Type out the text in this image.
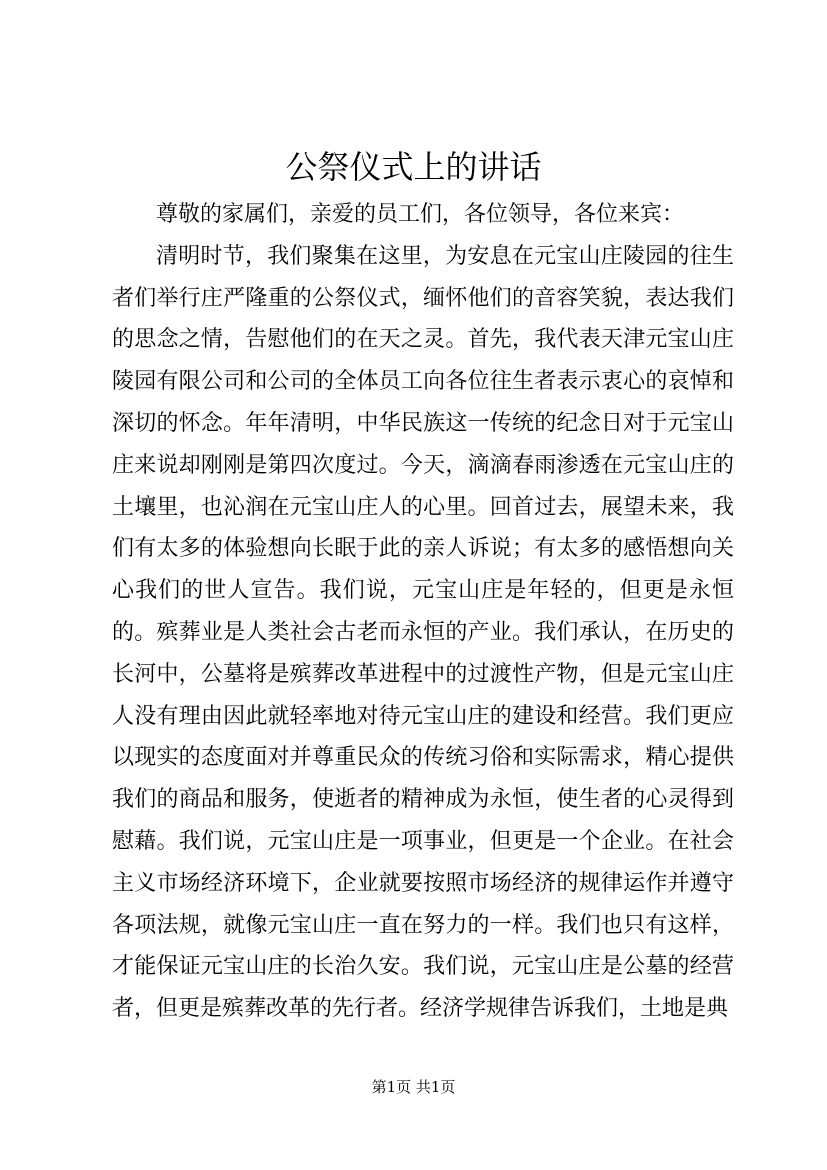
公祭仪式上的讲话

尊敬的家属们，亲爱的员工们，各位领导，各位来宾：

清明时节，我们聚集在这里，为安息在元宝山庄陵园的往生者们举行庄严隆重的公祭仪式，缅怀他们的音容笑貌，表达我们的思念之情，告慰他们的在天之灵。首先，我代表天津元宝山庄陵园有限公司和公司的全体员工向各位往生者表示衷心的哀悼和深切的怀念。年年清明，中华民族这一传统的纪念日对于元宝山庄来说却刚刚是第四次度过。今天，滴滴春雨渗透在元宝山庄的土壤里，也沁润在元宝山庄人的心里。回首过去，展望未来，我们有太多的体验想向长眠于此的亲人诉说；有太多的感悟想向关心我们的世人宣告。我们说，元宝山庄是年轻的，但更是永恒的。殡葬业是人类社会古老而永恒的产业。我们承认，在历史的长河中，公墓将是殡葬改革进程中的过渡性产物，但是元宝山庄人没有理由因此就轻率地对待元宝山庄的建设和经营。我们更应以现实的态度面对并尊重民众的传统习俗和实际需求，精心提供我们的商品和服务，使逝者的精神成为永恒，使生者的心灵得到慰藉。我们说，元宝山庄是一项事业，但更是一个企业。在社会主义市场经济环境下，企业就要按照市场经济的规律运作并遵守各项法规，就像元宝山庄一直在努力的一样。我们也只有这样，才能保证元宝山庄的长治久安。我们说，元宝山庄是公墓的经营者，但更是殡葬改革的先行者。经济学规律告诉我们，土地是典

第1页 共1页
